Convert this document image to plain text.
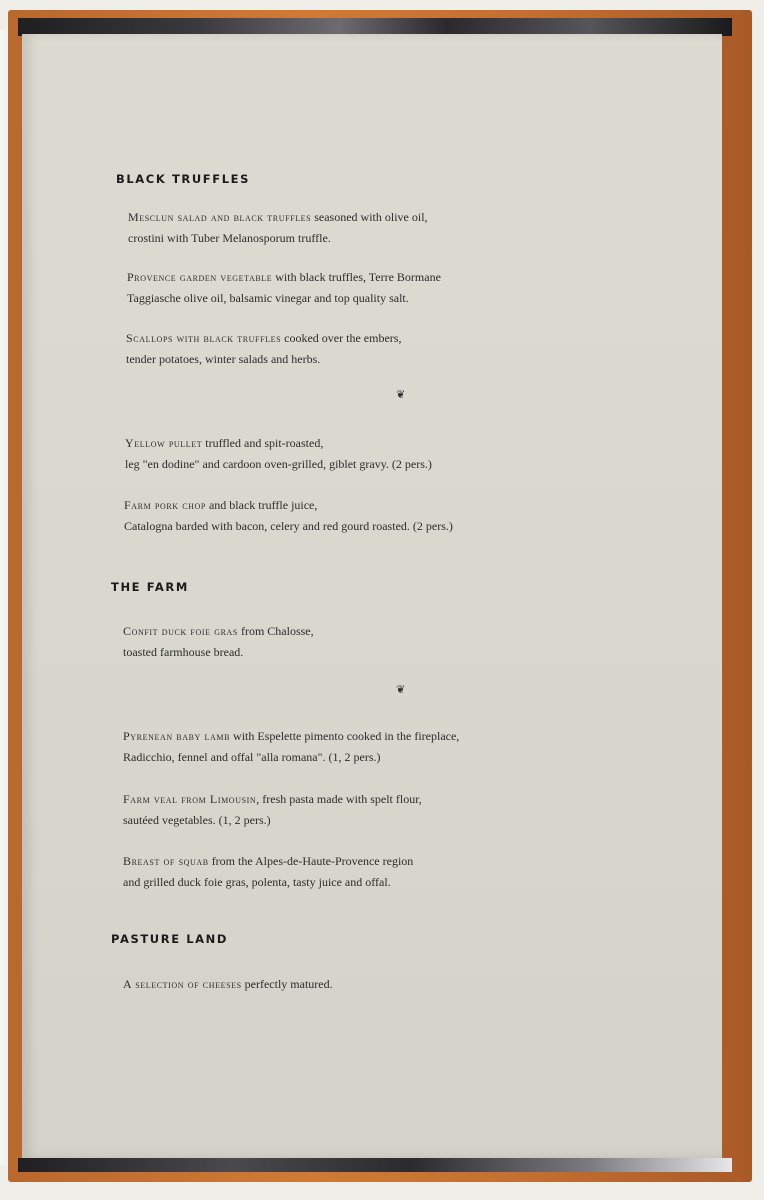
BLACK TRUFFLES
Mesclun salad and black truffles seasoned with olive oil,
crostini with Tuber Melanosporum truffle.
Provence garden vegetable with black truffles, Terre Bormane
Taggiasche olive oil, balsamic vinegar and top quality salt.
Scallops with black truffles cooked over the embers,
tender potatoes, winter salads and herbs.
❦
Yellow pullet truffled and spit-roasted,
leg "en dodine" and cardoon oven-grilled, giblet gravy. (2 pers.)
Farm pork chop and black truffle juice,
Catalogna barded with bacon, celery and red gourd roasted. (2 pers.)
THE FARM
Confit duck foie gras from Chalosse,
toasted farmhouse bread.
❦
Pyrenean baby lamb with Espelette pimento cooked in the fireplace,
Radicchio, fennel and offal "alla romana". (1, 2 pers.)
Farm veal from Limousin, fresh pasta made with spelt flour,
sautéed vegetables. (1, 2 pers.)
Breast of squab from the Alpes-de-Haute-Provence region
and grilled duck foie gras, polenta, tasty juice and offal.
PASTURE LAND
A selection of cheeses perfectly matured.
